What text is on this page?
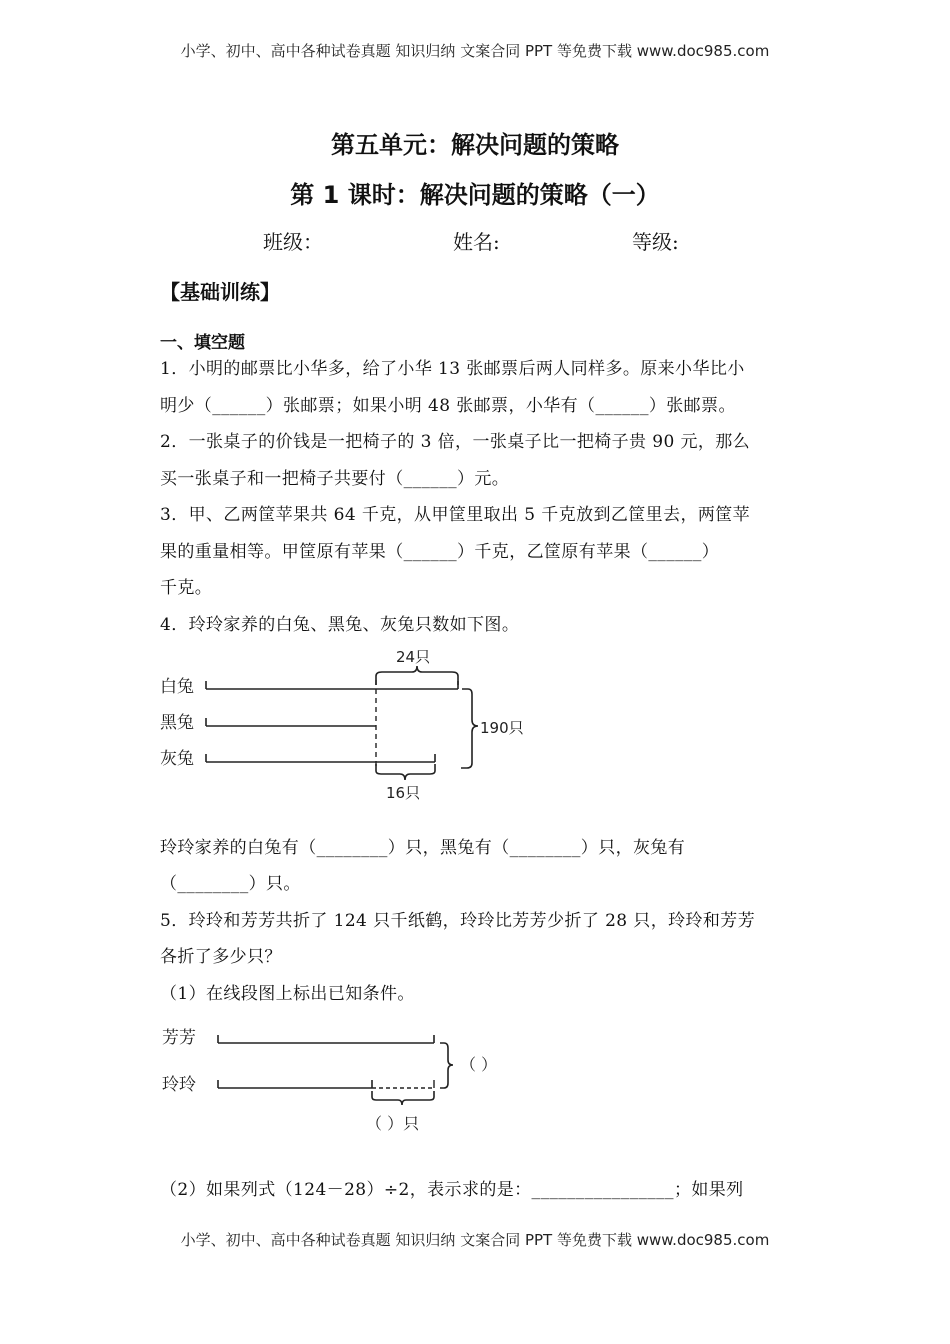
小学、初中、高中各种试卷真题 知识归纳 文案合同 PPT 等免费下载 www.doc985.com
第五单元：解决问题的策略
第 1 课时：解决问题的策略（一）
班级：	姓名:	等级:
【基础训练】
一、填空题
1．小明的邮票比小华多，给了小华 13 张邮票后两人同样多。原来小华比小
明少（______）张邮票；如果小明 48 张邮票，小华有（______）张邮票。
2．一张桌子的价钱是一把椅子的 3 倍，一张桌子比一把椅子贵 90 元，那么
买一张桌子和一把椅子共要付（______）元。
3．甲、乙两筐苹果共 64 千克，从甲筐里取出 5 千克放到乙筐里去，两筐苹
果的重量相等。甲筐原有苹果（______）千克，乙筐原有苹果（______）
千克。
4．玲玲家养的白兔、黑兔、灰兔只数如下图。
白兔
黑兔
灰兔
24只
16只
190只
玲玲家养的白兔有（________）只，黑兔有（________）只，灰兔有
（________）只。
5．玲玲和芳芳共折了 124 只千纸鹤，玲玲比芳芳少折了 28 只，玲玲和芳芳
各折了多少只？
（1）在线段图上标出已知条件。
芳芳
玲玲
（ ）
（ ）只
（2）如果列式（124－28）÷2，表示求的是：________________；如果列
小学、初中、高中各种试卷真题 知识归纳 文案合同 PPT 等免费下载 www.doc985.com
